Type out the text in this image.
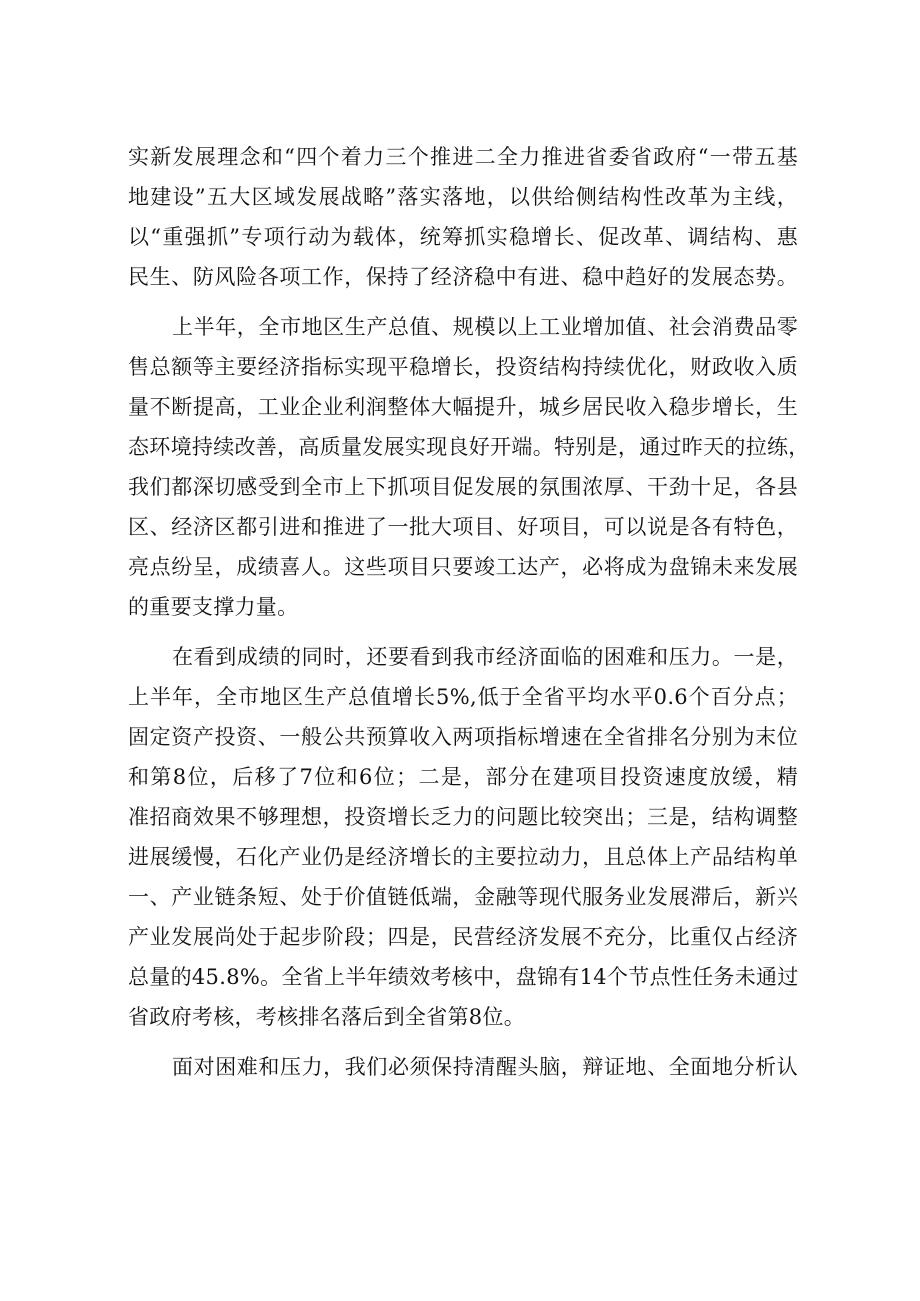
实新发展理念和“四个着力三个推进二全力推进省委省政府“一带五基
地建设”五大区域发展战略”落实落地，以供给侧结构性改革为主线，
以“重强抓”专项行动为载体，统筹抓实稳增长、促改革、调结构、惠
民生、防风险各项工作，保持了经济稳中有进、稳中趋好的发展态势。
上半年，全市地区生产总值、规模以上工业增加值、社会消费品零
售总额等主要经济指标实现平稳增长，投资结构持续优化，财政收入质
量不断提高，工业企业利润整体大幅提升，城乡居民收入稳步增长，生
态环境持续改善，高质量发展实现良好开端。特别是，通过昨天的拉练，
我们都深切感受到全市上下抓项目促发展的氛围浓厚、干劲十足，各县
区、经济区都引进和推进了一批大项目、好项目，可以说是各有特色，
亮点纷呈，成绩喜人。这些项目只要竣工达产，必将成为盘锦未来发展
的重要支撑力量。
在看到成绩的同时，还要看到我市经济面临的困难和压力。一是，
上半年，全市地区生产总值增长5%,低于全省平均水平0.6个百分点；
固定资产投资、一般公共预算收入两项指标增速在全省排名分别为末位
和第8位，后移了7位和6位；二是，部分在建项目投资速度放缓，精
准招商效果不够理想，投资增长乏力的问题比较突出；三是，结构调整
进展缓慢，石化产业仍是经济增长的主要拉动力，且总体上产品结构单
一、产业链条短、处于价值链低端，金融等现代服务业发展滞后，新兴
产业发展尚处于起步阶段；四是，民营经济发展不充分，比重仅占经济
总量的45.8%。全省上半年绩效考核中，盘锦有14个节点性任务未通过
省政府考核，考核排名落后到全省第8位。
面对困难和压力，我们必须保持清醒头脑，辩证地、全面地分析认
